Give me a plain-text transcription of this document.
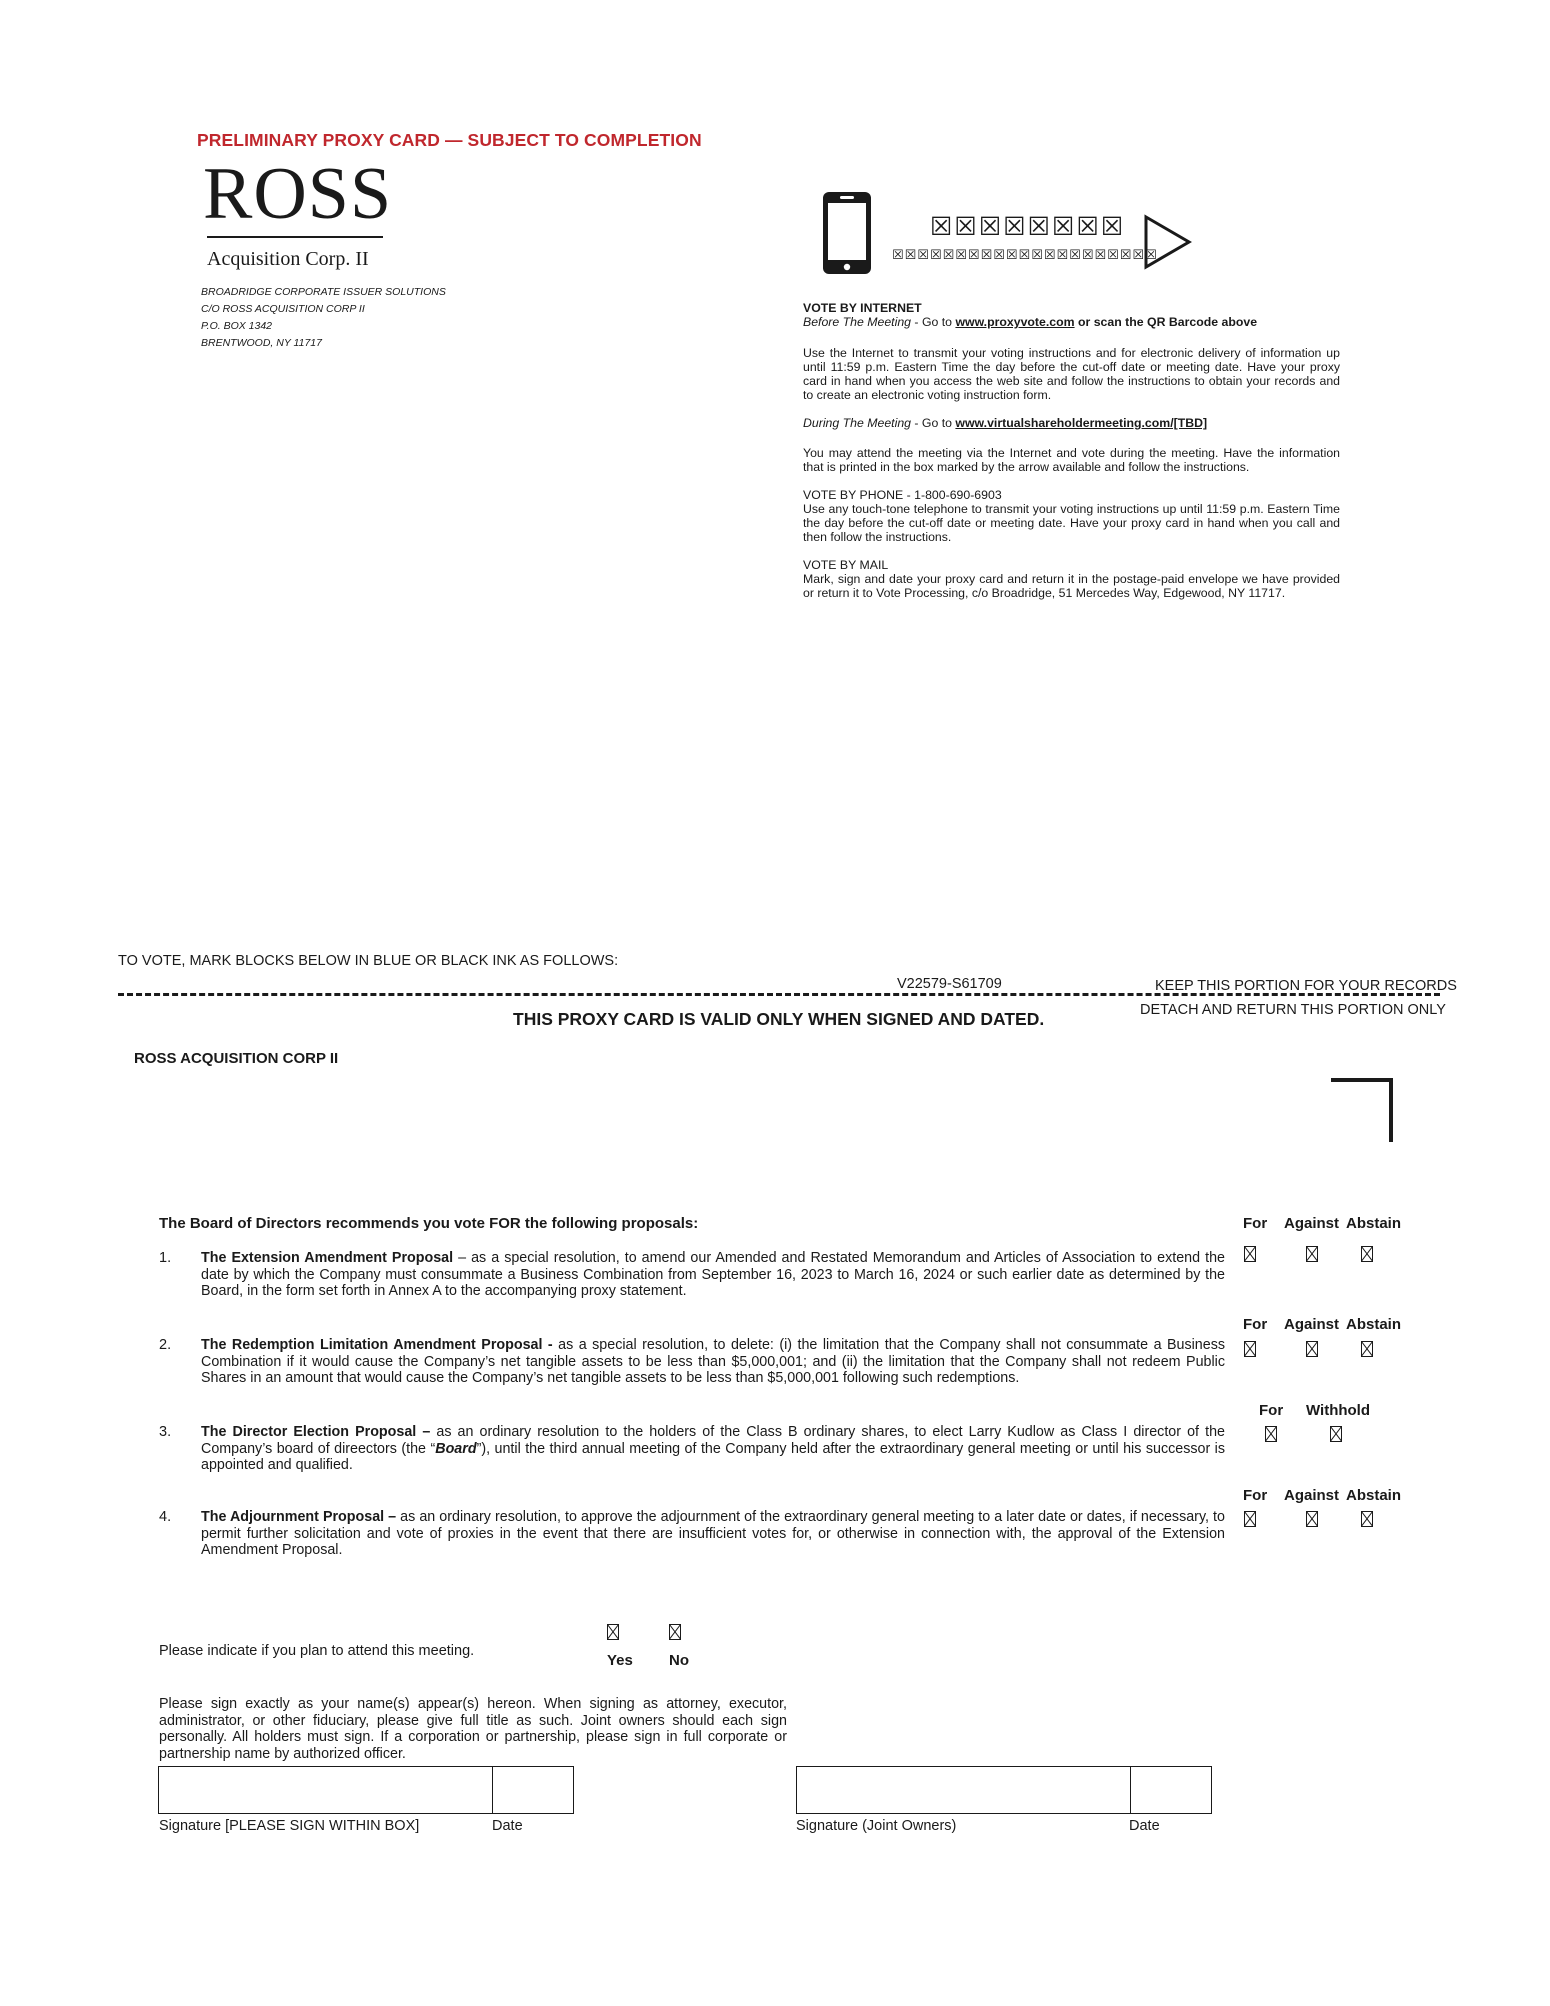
PRELIMINARY PROXY CARD — SUBJECT TO COMPLETION
ROSS
Acquisition Corp. II
BROADRIDGE CORPORATE ISSUER SOLUTIONS
C/O ROSS ACQUISITION CORP II
P.O. BOX 1342
BRENTWOOD, NY 11717
☒☒☒☒☒☒☒☒
☒☒☒☒☒☒☒☒☒☒☒☒☒☒☒☒☒☒☒☒☒

VOTE BY INTERNET

Before The Meeting - Go to www.proxyvote.com or scan the QR Barcode above

Use the Internet to transmit your voting instructions and for electronic delivery of information up until 11:59 p.m. Eastern Time the day before the cut-off date or meeting date. Have your proxy card in hand when you access the web site and follow the instructions to obtain your records and to create an electronic voting instruction form.
During The Meeting - Go to www.virtualshareholdermeeting.com/[TBD]
You may attend the meeting via the Internet and vote during the meeting. Have the information that is printed in the box marked by the arrow available and follow the instructions.
VOTE BY PHONE - 1-800-690-6903
Use any touch-tone telephone to transmit your voting instructions up until 11:59 p.m. Eastern Time the day before the cut-off date or meeting date. Have your proxy card in hand when you call and then follow the instructions.
VOTE BY MAIL
Mark, sign and date your proxy card and return it in the postage-paid envelope we have provided or return it to Vote Processing, c/o Broadridge, 51 Mercedes Way, Edgewood, NY 11717.
TO VOTE, MARK BLOCKS BELOW IN BLUE OR BLACK INK AS FOLLOWS:
V22579-S61709	KEEP THIS PORTION FOR YOUR RECORDS
DETACH AND RETURN THIS PORTION ONLY
THIS PROXY CARD IS VALID ONLY WHEN SIGNED AND DATED.
ROSS ACQUISITION CORP II
The Board of Directors recommends you vote FOR the following proposals:	For Against Abstain
1. The Extension Amendment Proposal – as a special resolution, to amend our Amended and Restated Memorandum and Articles of Association to extend the date by which the Company must consummate a Business Combination from September 16, 2023 to March 16, 2024 or such earlier date as determined by the Board, in the form set forth in Annex A to the accompanying proxy statement.
For Against Abstain
2. The Redemption Limitation Amendment Proposal - as a special resolution, to delete: (i) the limitation that the Company shall not consummate a Business Combination if it would cause the Company’s net tangible assets to be less than $5,000,001; and (ii) the limitation that the Company shall not redeem Public Shares in an amount that would cause the Company’s net tangible assets to be less than $5,000,001 following such redemptions.
For Withhold
3. The Director Election Proposal – as an ordinary resolution to the holders of the Class B ordinary shares, to elect Larry Kudlow as Class I director of the Company’s board of direectors (the “Board”), until the third annual meeting of the Company held after the extraordinary general meeting or until his successor is appointed and qualified.
For Against Abstain
4. The Adjournment Proposal – as an ordinary resolution, to approve the adjournment of the extraordinary general meeting to a later date or dates, if necessary, to permit further solicitation and vote of proxies in the event that there are insufficient votes for, or otherwise in connection with, the approval of the Extension Amendment Proposal.
Please indicate if you plan to attend this meeting.
Yes No
Please sign exactly as your name(s) appear(s) hereon. When signing as attorney, executor, administrator, or other fiduciary, please give full title as such. Joint owners should each sign personally. All holders must sign. If a corporation or partnership, please sign in full corporate or partnership name by authorized officer.
Signature [PLEASE SIGN WITHIN BOX]	Date	Signature (Joint Owners)	Date
